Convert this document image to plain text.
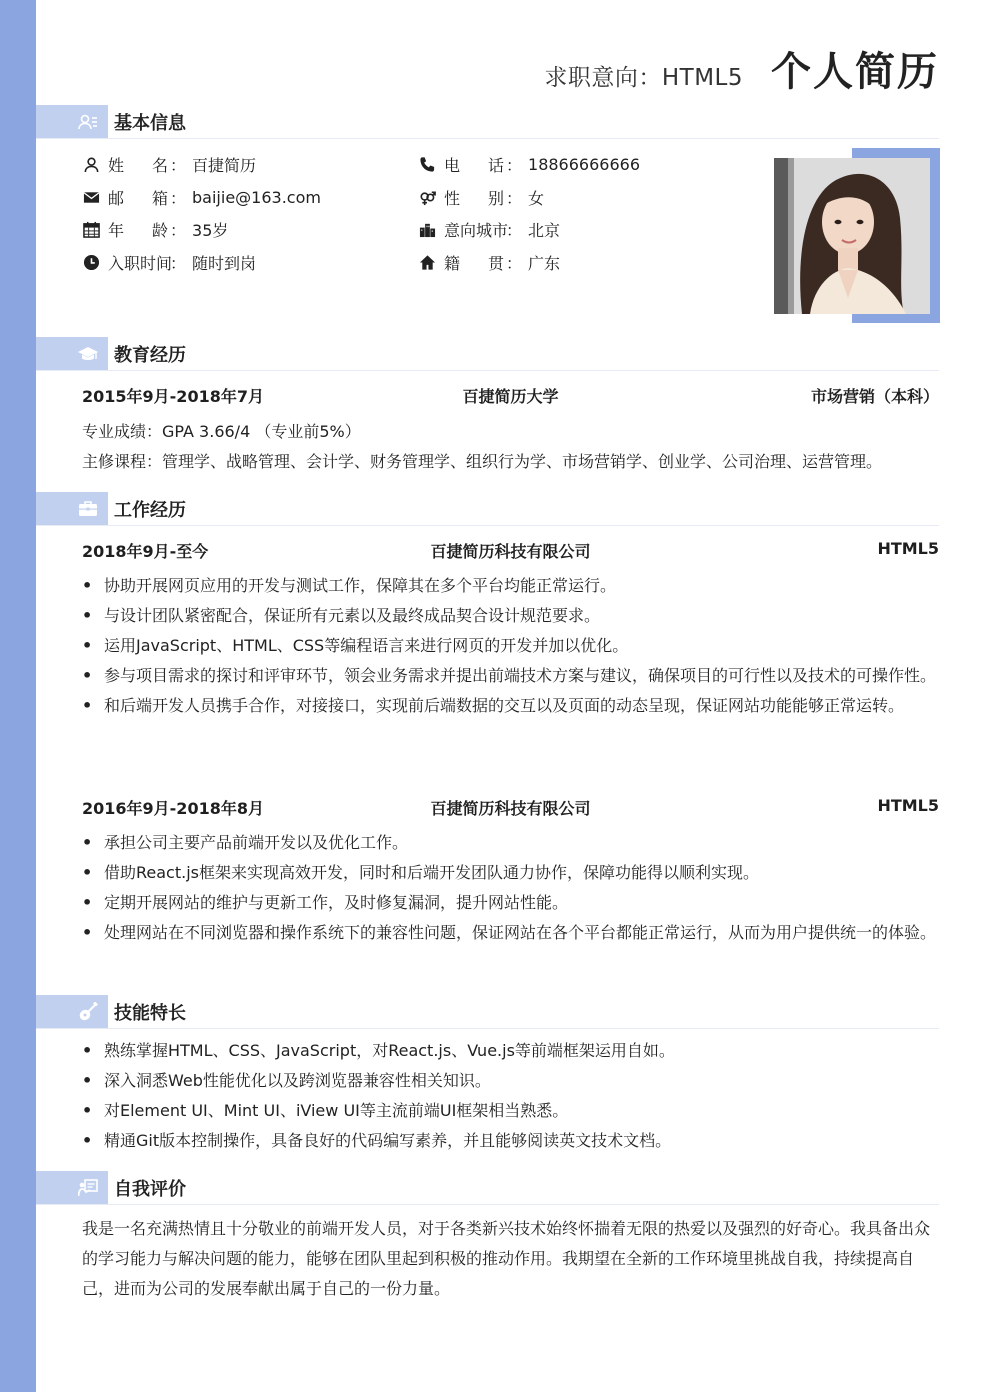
求职意向：HTML5 个人简历
基本信息
姓名 ： 百捷简历
邮箱 ： baijie@163.com
年龄 ： 35岁
入职时间
： 随时到岗
电话 ： 18866666666
性别 ： 女
意向城市
： 北京
籍贯 ： 广东
教育经历
2015年9月-2018年7月	百捷简历大学	市场营销（本科）
专业成绩：GPA 3.66/4 （专业前5%）
主修课程：管理学、战略管理、会计学、财务管理学、组织行为学、市场营销学、创业学、公司治理、运营管理。
工作经历
2018年9月-至今	百捷简历科技有限公司	HTML5
• 协助开展网页应用的开发与测试工作，保障其在多个平台均能正常运行。
• 与设计团队紧密配合，保证所有元素以及最终成品契合设计规范要求。
• 运用JavaScript、HTML、CSS等编程语言来进行网页的开发并加以优化。
• 参与项目需求的探讨和评审环节，领会业务需求并提出前端技术方案与建议，确保项目的可行性以及技术的可操作性。
• 和后端开发人员携手合作，对接接口，实现前后端数据的交互以及页面的动态呈现，保证网站功能能够正常运转。
2016年9月-2018年8月	百捷简历科技有限公司	HTML5
• 承担公司主要产品前端开发以及优化工作。
• 借助React.js框架来实现高效开发，同时和后端开发团队通力协作，保障功能得以顺利实现。
• 定期开展网站的维护与更新工作，及时修复漏洞，提升网站性能。
• 处理网站在不同浏览器和操作系统下的兼容性问题，保证网站在各个平台都能正常运行，从而为用户提供统一的体验。
技能特长
• 熟练掌握HTML、CSS、JavaScript，对React.js、Vue.js等前端框架运用自如。
• 深入洞悉Web性能优化以及跨浏览器兼容性相关知识。
• 对Element UI、Mint UI、iView UI等主流前端UI框架相当熟悉。
• 精通Git版本控制操作，具备良好的代码编写素养，并且能够阅读英文技术文档。
自我评价
我是一名充满热情且十分敬业的前端开发人员，对于各类新兴技术始终怀揣着无限的热爱以及强烈的好奇心。我具备出众的学习能力与解决问题的能力，能够在团队里起到积极的推动作用。我期望在全新的工作环境里挑战自我，持续提高自己，进而为公司的发展奉献出属于自己的一份力量。
